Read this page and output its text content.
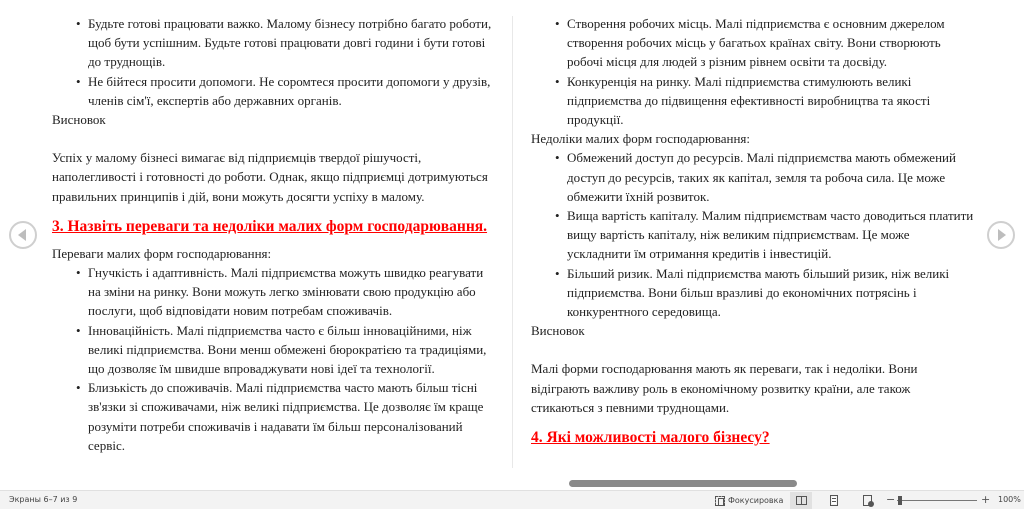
• Будьте готові працювати важко. Малому бізнесу потрібно багато роботи, щоб бути успішним. Будьте готові працювати довгі години і бути готові до труднощів.
• Не бійтеся просити допомоги. Не соромтеся просити допомоги у друзів, членів сім'ї, експертів або державних органів.
Висновок
Успіх у малому бізнесі вимагає від підприємців твердої рішучості, наполегливості і готовності до роботи. Однак, якщо підприємці дотримуються правильних принципів і дій, вони можуть досягти успіху в малому.
3. Назвіть переваги та недоліки малих форм господарювання.
Переваги малих форм господарювання:
• Гнучкість і адаптивність. Малі підприємства можуть швидко реагувати на зміни на ринку. Вони можуть легко змінювати свою продукцію або послуги, щоб відповідати новим потребам споживачів.
• Інноваційність. Малі підприємства часто є більш інноваційними, ніж великі підприємства. Вони менш обмежені бюрократією та традиціями, що дозволяє їм швидше впроваджувати нові ідеї та технології.
• Близькість до споживачів. Малі підприємства часто мають більш тісні зв'язки зі споживачами, ніж великі підприємства. Це дозволяє їм краще розуміти потреби споживачів і надавати їм більш персоналізований сервіс.
• Створення робочих місць. Малі підприємства є основним джерелом створення робочих місць у багатьох країнах світу. Вони створюють робочі місця для людей з різним рівнем освіти та досвіду.
• Конкуренція на ринку. Малі підприємства стимулюють великі підприємства до підвищення ефективності виробництва та якості продукції.
Недоліки малих форм господарювання:
• Обмежений доступ до ресурсів. Малі підприємства мають обмежений доступ до ресурсів, таких як капітал, земля та робоча сила. Це може обмежити їхній розвиток.
• Вища вартість капіталу. Малим підприємствам часто доводиться платити вищу вартість капіталу, ніж великим підприємствам. Це може ускладнити їм отримання кредитів і інвестицій.
• Більший ризик. Малі підприємства мають більший ризик, ніж великі підприємства. Вони більш вразливі до економічних потрясінь і конкурентного середовища.
Висновок
Малі форми господарювання мають як переваги, так і недоліки. Вони відіграють важливу роль в економічному розвитку країни, але також стикаються з певними труднощами.
4. Які можливості малого бізнесу?
Экраны 6–7 из 9	Фокусировка	−	+ 100%
